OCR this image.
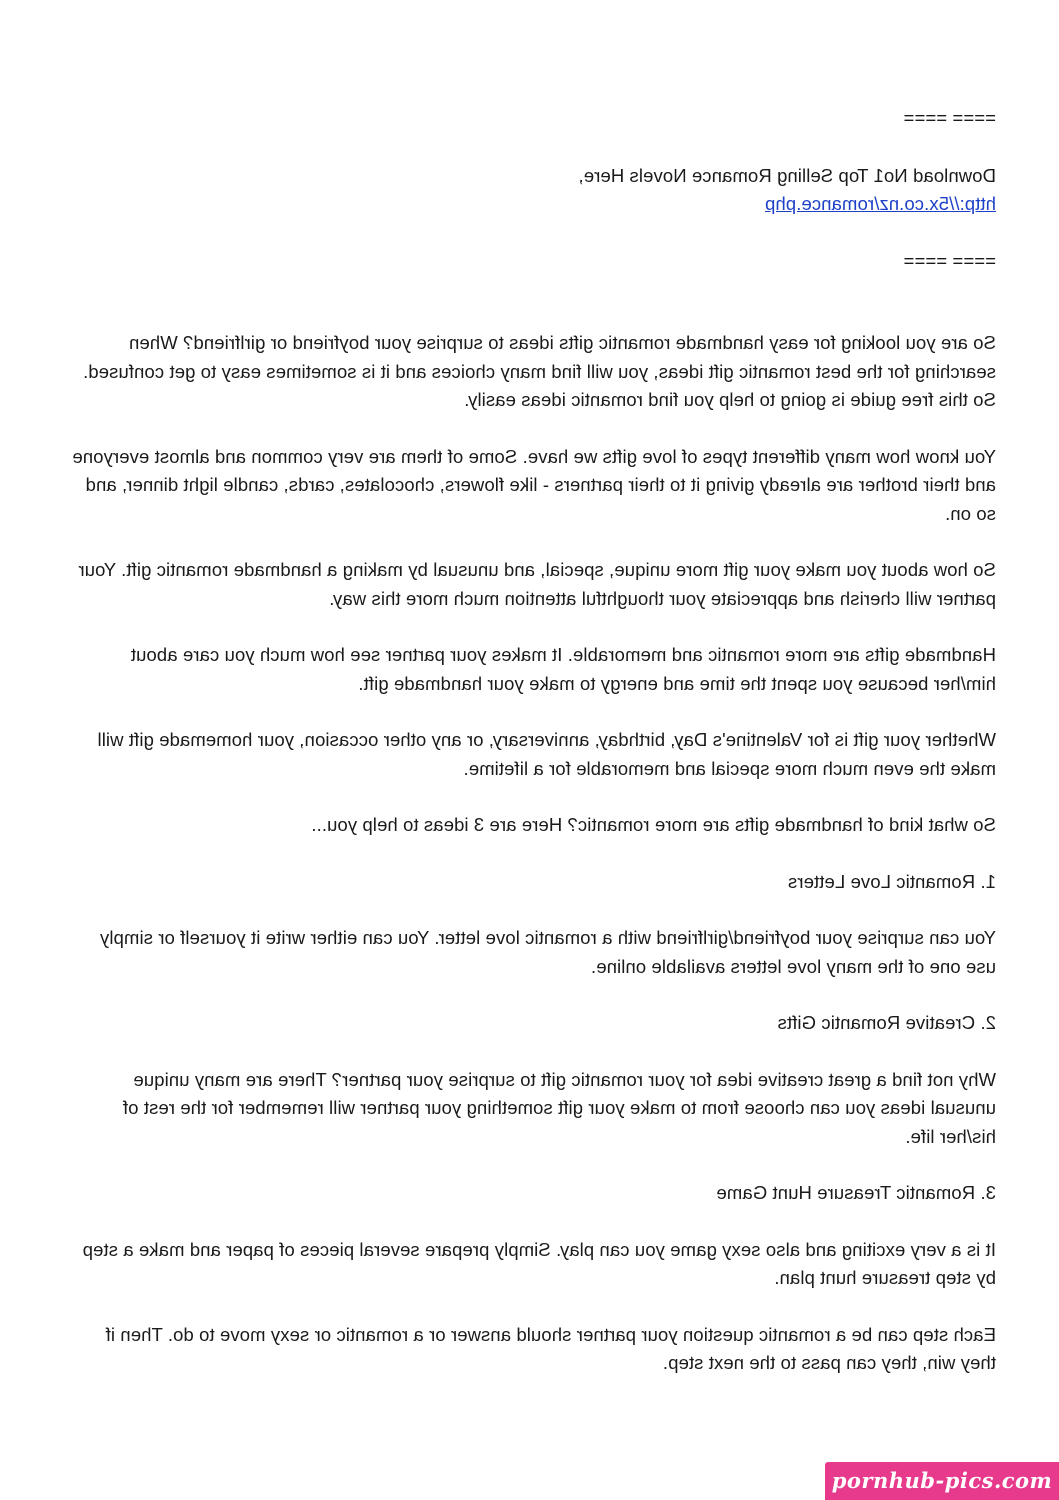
==== ====

Download No1 Top Selling Romance Novels Here,
http://5x.co.nz/romance.php

==== ====

So are you looking for easy handmade romantic gifts ideas to surprise your boyfriend or girlfriend? When searching for the best romantic gift ideas, you will find many choices and it is sometimes easy to get confused. So this free guide is going to help you find romantic ideas easily.

You know how many different types of love gifts we have. Some of them are very common and almost everyone and their brother are already giving it to their partners - like flowers, chocolates, cards, candle light dinner, and so on.

So how about you make your gift more unique, special, and unusual by making a handmade romantic gift. Your partner will cherish and appreciate your thoughtful attention much more this way.

Handmade gifts are more romantic and memorable. It makes your partner see how much you care about him/her because you spent the time and energy to make your handmade gift.

Whether your gift is for Valentine's Day, birthday, anniversary, or any other occasion, your homemade gift will make the even much more special and memorable for a lifetime.

So what kind of handmade gifts are more romantic? Here are 3 ideas to help you...

1. Romantic Love Letters

You can surprise your boyfriend/girlfriend with a romantic love letter. You can either write it yourself or simply use one of the many love letters available online.

2. Creative Romantic Gifts

Why not find a great creative idea for your romantic gift to surprise your partner? There are many unique unusual ideas you can choose from to make your gift something your partner will remember for the rest of his/her life.

3. Romantic Treasure Hunt Game

It is a very exciting and also sexy game you can play. Simply prepare several pieces of paper and make a step by step treasure hunt plan.

Each step can be a romantic question your partner should answer or a romantic or sexy move to do. Then if they win, they can pass to the next step.

pornhub-pics.com
